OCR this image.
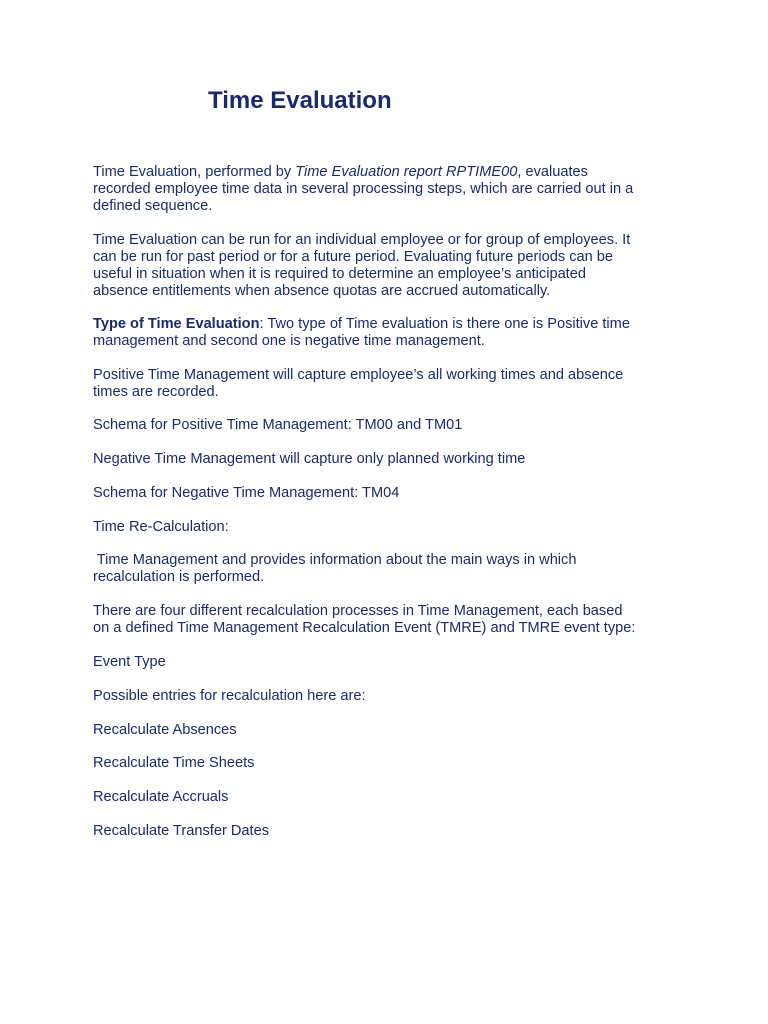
Time Evaluation

Time Evaluation, performed by Time Evaluation report RPTIME00, evaluates
recorded employee time data in several processing steps, which are carried out in a
defined sequence.

Time Evaluation can be run for an individual employee or for group of employees. It
can be run for past period or for a future period. Evaluating future periods can be
useful in situation when it is required to determine an employee’s anticipated
absence entitlements when absence quotas are accrued automatically.

Type of Time Evaluation: Two type of Time evaluation is there one is Positive time
management and second one is negative time management.

Positive Time Management will capture employee’s all working times and absence
times are recorded.

Schema for Positive Time Management: TM00 and TM01

Negative Time Management will capture only planned working time

Schema for Negative Time Management: TM04

Time Re-Calculation:

Time Management and provides information about the main ways in which
recalculation is performed.

There are four different recalculation processes in Time Management, each based
on a defined Time Management Recalculation Event (TMRE) and TMRE event type:

Event Type

Possible entries for recalculation here are:

Recalculate Absences

Recalculate Time Sheets

Recalculate Accruals

Recalculate Transfer Dates
